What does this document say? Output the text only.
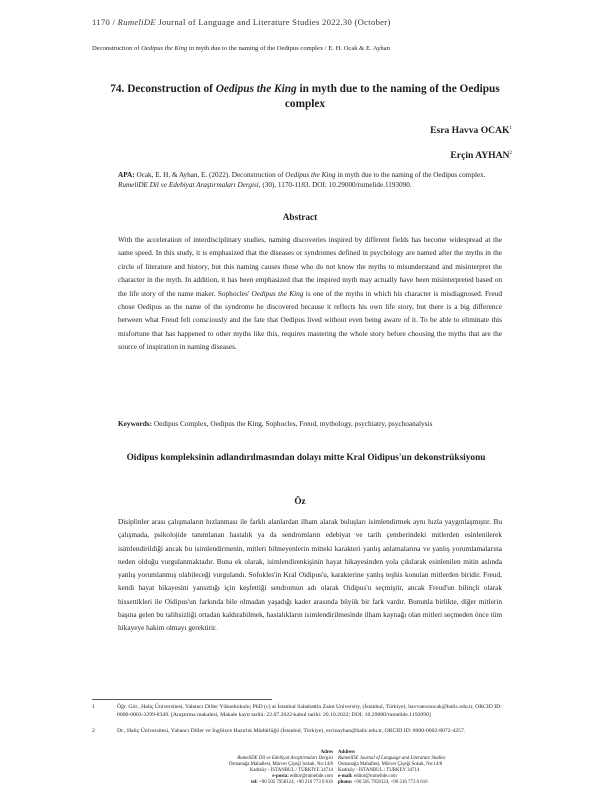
1170 / RumeliDE Journal of Language and Literature Studies 2022.30 (October)
Deconstruction of Oedipus the King in myth due to the naming of the Oedipus complex / E. H. Ocak & E. Ayhan
74. Deconstruction of Oedipus the King in myth due to the naming of the Oedipus complex
Esra Havva OCAK$^1$
Erçin AYHAN$^2$
APA: Ocak, E. H. & Ayhan, E. (2022). Deconstruction of Oedipus the King in myth due to the naming of the Oedipus complex. RumeliDE Dil ve Edebiyat Araştırmaları Dergisi, (30), 1170-1183. DOI: 10.29000/rumelide.1193090.
Abstract
With the acceleration of interdisciplinary studies, naming discoveries inspired by different fields has become widespread at the same speed. In this study, it is emphasized that the diseases or syndromes defined in psychology are named after the myths in the circle of literature and history, but this naming causes those who do not know the myths to misunderstand and misinterpret the character in the myth. In addition, it has been emphasized that the inspired myth may actually have been misinterpreted based on the life story of the name maker. Sophocles' Oedipus the King is one of the myths in which his character is misdiagnosed. Freud chose Oedipus as the name of the syndrome he discovered because it reflects his own life story, but there is a big difference between what Freud felt consciously and the fate that Oedipus lived without even being aware of it. To be able to eliminate this misfortune that has happened to other myths like this, requires mastering the whole story before choosing the myths that are the source of inspiration in naming diseases.
Keywords: Oedipus Complex, Oedipus the King, Sophocles, Freud, mythology, psychiatry, psychoanalysis
Oidipus kompleksinin adlandırılmasından dolayı mitte Kral Oidipus'un dekonstrüksiyonu
Öz
Disiplinler arası çalışmaların hızlanması ile farklı alanlardan ilham alarak buluşları isimlendirmek aynı hızla yaygınlaşmıştır. Bu çalışmada, psikolojide tanımlanan hastalık ya da sendromların edebiyat ve tarih çemberindeki mitlerden esinlenilerek isimlendirildiği ancak bu isimlendirmenin, mitleri bilmeyenlerin mitteki karakteri yanlış anlamalarına ve yanlış yorumlamalarına neden olduğu vurgulanmaktadır. Buna ek olarak, isimlendirenkişinin hayat hikayesinden yola çıkılarak esinlenilen mitin aslında yanlış yorumlanmış olabileceği vurgulandı. Sofokles'in Kral Oidipus'u, karakterine yanlış teşhis konulan mitlerden biridir. Freud, kendi hayat hikayesini yansıttığı için keşfettiği sendromun adı olarak Oidipus'u seçmiştir, ancak Freud'un bilinçli olarak hissettikleri ile Oidipus'un farkında bile olmadan yaşadığı kader arasında büyük bir fark vardır. Bununla birlikte, diğer mitlerin başına gelen bu talihsizliği ortadan kaldırabilmek, hastalıkların isimlendirilmesinde ilham kaynağı olan mitleri seçmeden önce tüm hikayeye hakim olmayı gerektirir.
1	Öğr. Gör., Haliç Üniversitesi, Yabancı Diller Yüksekokulu; PhD (c) at İstanbul Sabahattin Zaim University, (İstanbul, Türkiye), havvaesraocak@halic.edu.tr, ORCID ID: 0000-0003-3299-8349. [Araştırma makalesi, Makale kayıt tarihi: 22.07.2022-kabul tarihi: 20.10.2022; DOI: 10.29000/rumelide.1193090]
2	Dr., Haliç Üniversitesi, Yabancı Diller ve İngilizce Hazırlık Müdürlüğü (İstanbul, Türkiye), ercinayhan@halic.edu.tr, ORCID ID: 0000-0002-8072-4257.
Adres
RumeliDE Dil ve Edebiyat Araştırmaları Dergisi
Osmanağa Mahallesi, Mürver Çiçeği Sokak, No:14/8
Kadıköy - İSTANBUL / TÜRKİYE 34714
e-posta: editor@rumelide.com
tel: +90 505 7958124, +90 216 773 0 616
Address
RumeliDE Journal of Language and Literature Studies
Osmanağa Mahallesi, Mürver Çiçeği Sokak, No:14/8
Kadıköy - İSTANBUL / TURKEY 34714
e-mail: editor@rumelide.com
phone: +90 505 7958124, +90 216 773 0 616
